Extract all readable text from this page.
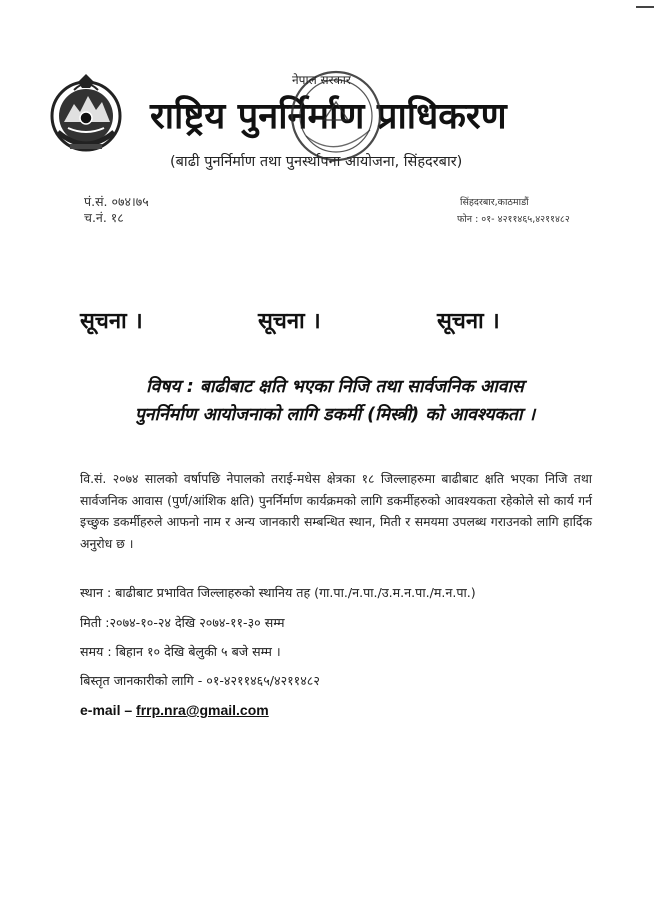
राष्ट्रिय पुनर्निर्माण प्राधिकरण
(बाढी पुनर्निर्माण तथा पुनर्स्थापना आयोजना, सिंहदरबार)
नेपाल सरकार
पं.सं. ०७४।७५
च.नं. १८
सिंहदरबार,काठमाडौं
फोन : ०१- ४२११४६५,४२११४८२
सूचना ।	सूचना ।	सूचना ।
विषय : बाढीबाट क्षति भएका निजि तथा सार्वजनिक आवास
पुनर्निर्माण आयोजनाको लागि डकर्मी (मिस्त्री) को आवश्यकता ।
वि.सं. २०७४ सालको वर्षापछि नेपालको तराई-मधेस क्षेत्रका १८ जिल्लाहरुमा बाढीबाट क्षति भएका निजि तथा सार्वजनिक आवास (पुर्ण/आंशिक क्षति) पुनर्निर्माण कार्यक्रमको लागि डकर्मीहरुको आवश्यकता रहेकोले सो कार्य गर्न इच्छुक डकर्मीहरुले आफनो नाम र अन्य जानकारी सम्बन्धित स्थान, मिती र समयमा उपलब्ध गराउनको लागि हार्दिक अनुरोध छ ।
स्थान : बाढीबाट प्रभावित जिल्लाहरुको स्थानिय तह (गा.पा./न.पा./उ.म.न.पा./म.न.पा.)
मिती :२०७४-१०-२४ देखि २०७४-११-३० सम्म
समय : बिहान १० देखि बेलुकी ५ बजे सम्म ।
बिस्तृत जानकारीको लागि - ०१-४२११४६५/४२११४८२
e-mail – frrp.nra@gmail.com
